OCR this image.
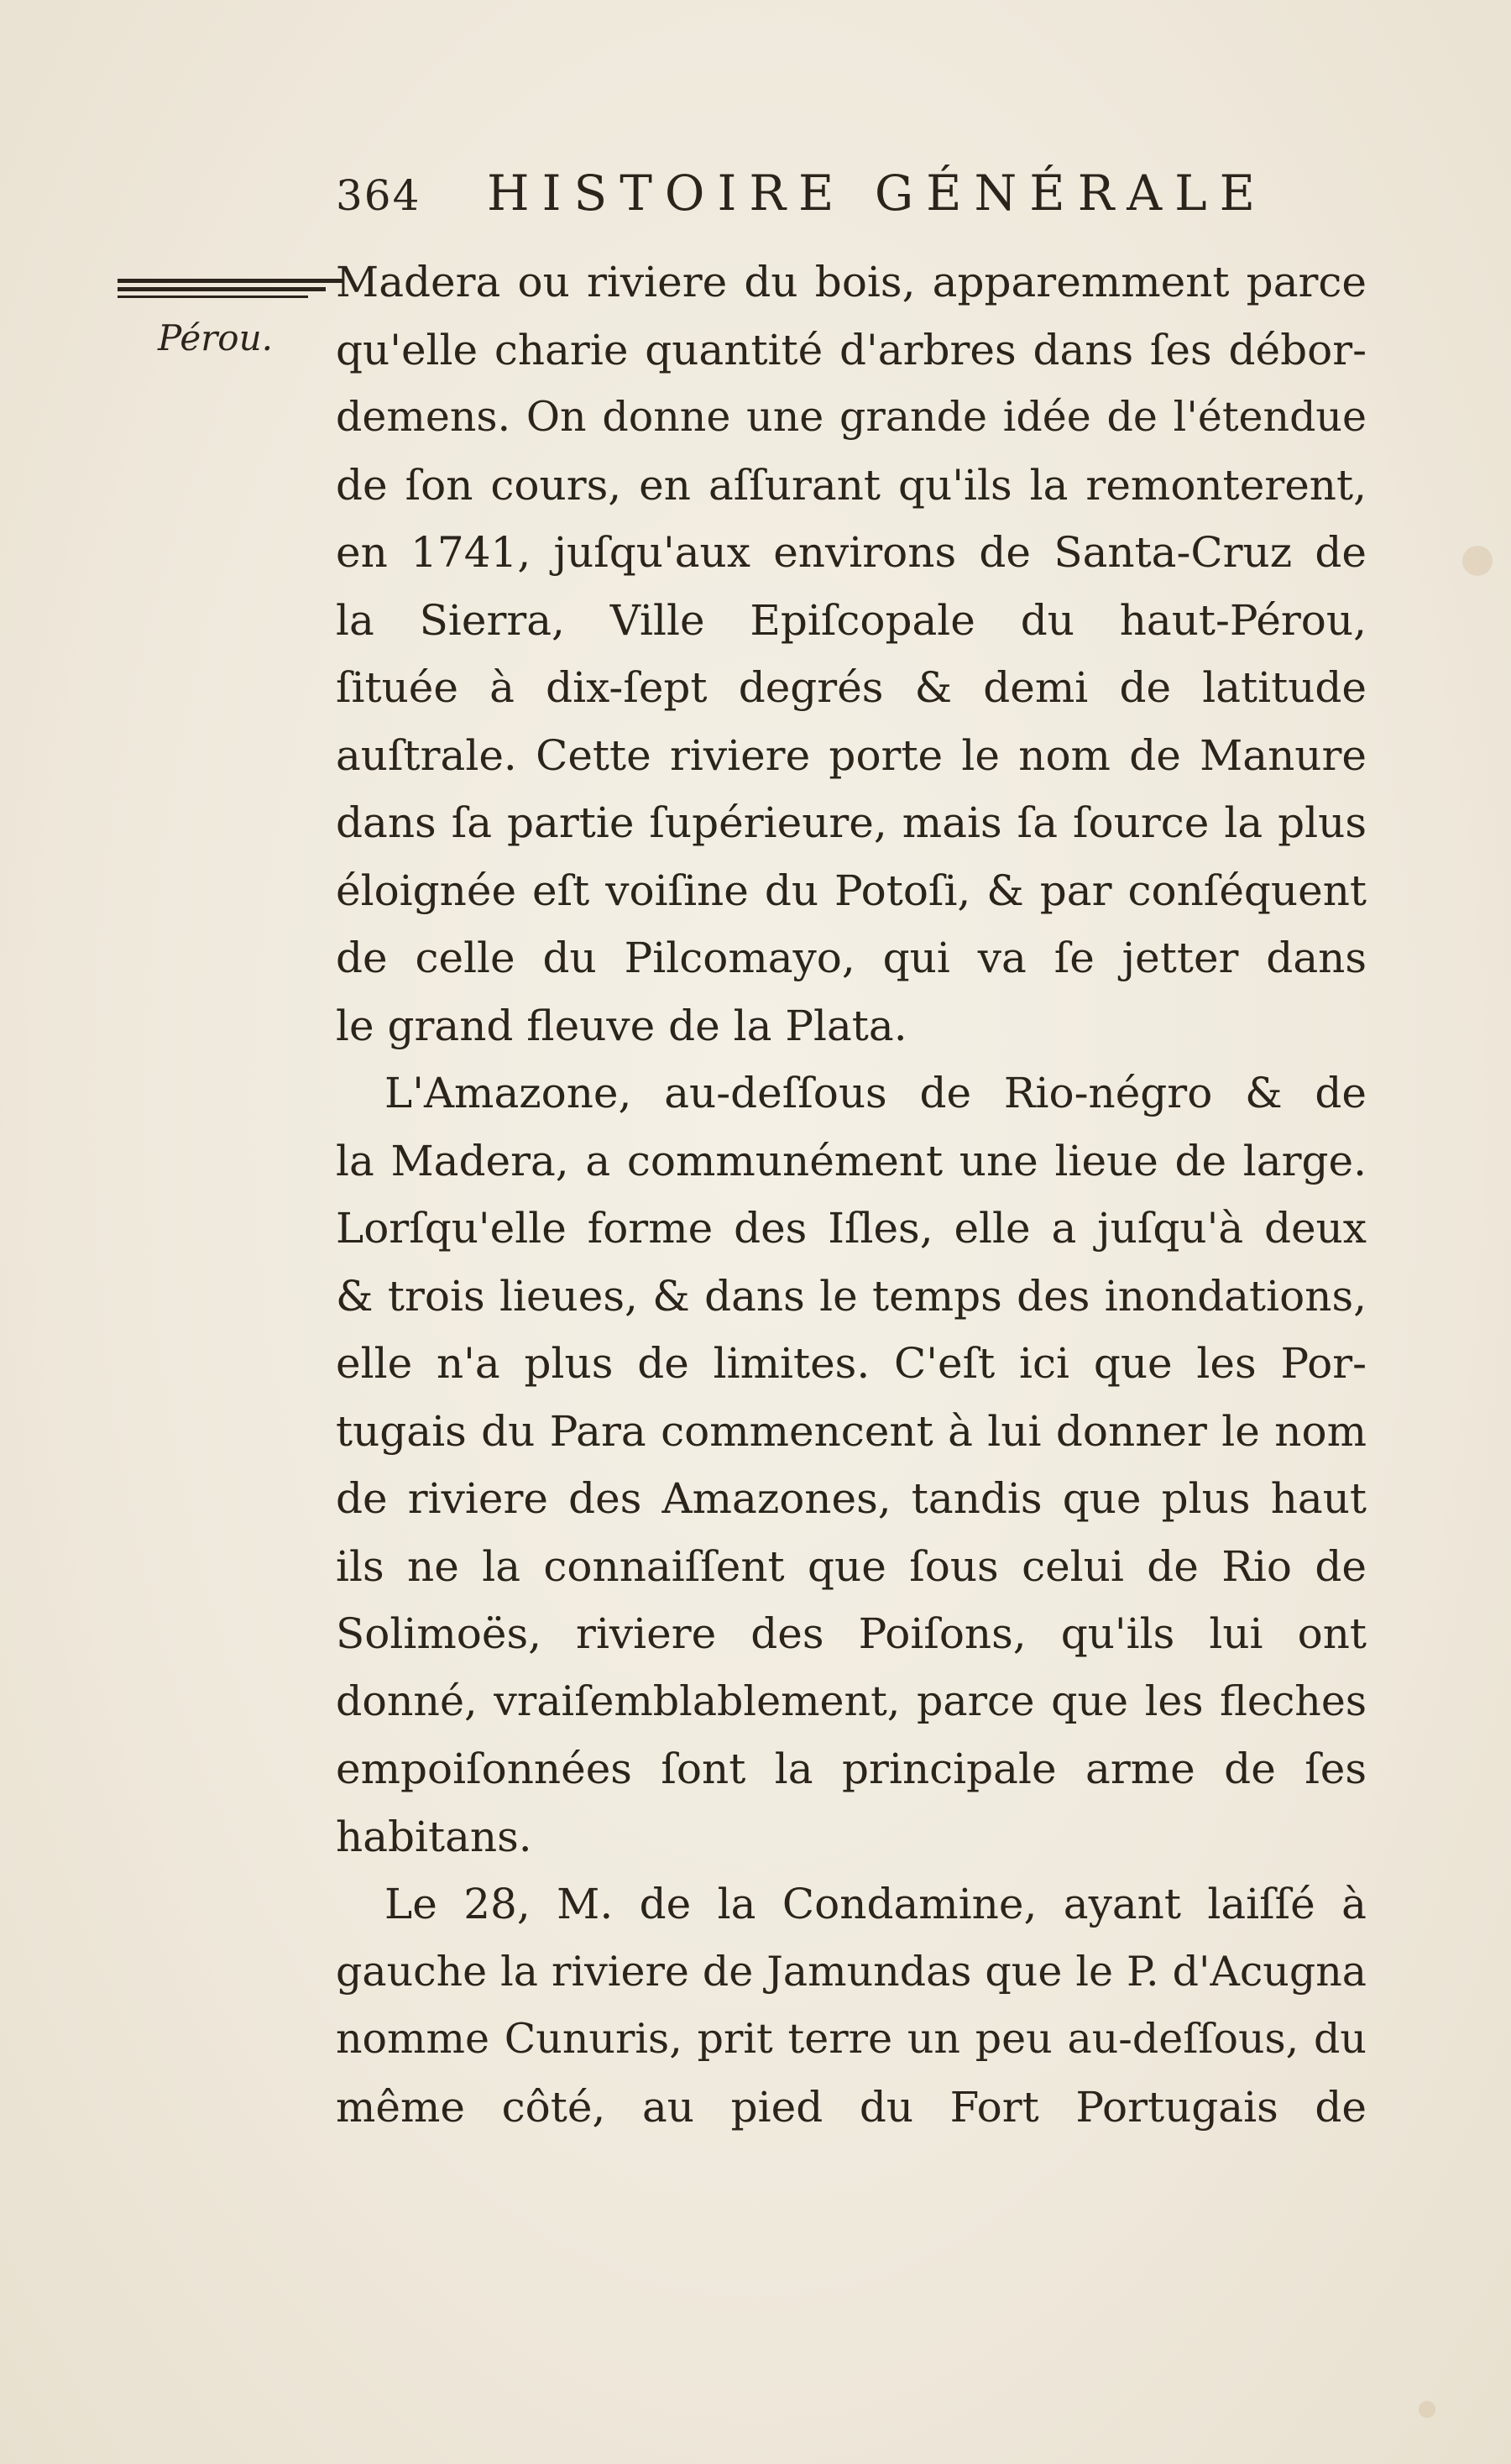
364 HISTOIRE GÉNÉRALE
Pérou.
Madera ou riviere du bois, apparemment parce
qu'elle charie quantité d'arbres dans ſes débor-
demens. On donne une grande idée de l'étendue
de ſon cours, en aſſurant qu'ils la remonterent,
en 1741, juſqu'aux environs de Santa-Cruz de
la Sierra, Ville Epiſcopale du haut-Pérou,
ſituée à dix-ſept degrés & demi de latitude
auſtrale. Cette riviere porte le nom de Manure
dans ſa partie ſupérieure, mais ſa ſource la plus
éloignée eſt voiſine du Potoſi, & par conſéquent
de celle du Pilcomayo, qui va ſe jetter dans
le grand fleuve de la Plata.
L'Amazone, au-deſſous de Rio-négro & de
la Madera, a communément une lieue de large.
Lorſqu'elle forme des Iſles, elle a juſqu'à deux
& trois lieues, & dans le temps des inondations,
elle n'a plus de limites. C'eſt ici que les Por-
tugais du Para commencent à lui donner le nom
de riviere des Amazones, tandis que plus haut
ils ne la connaiſſent que ſous celui de Rio de
Solimoës, riviere des Poiſons, qu'ils lui ont
donné, vraiſemblablement, parce que les fleches
empoiſonnées ſont la principale arme de ſes
habitans.
Le 28, M. de la Condamine, ayant laiſſé à
gauche la riviere de Jamundas que le P. d'Acugna
nomme Cunuris, prit terre un peu au-deſſous, du
même côté, au pied du Fort Portugais de
